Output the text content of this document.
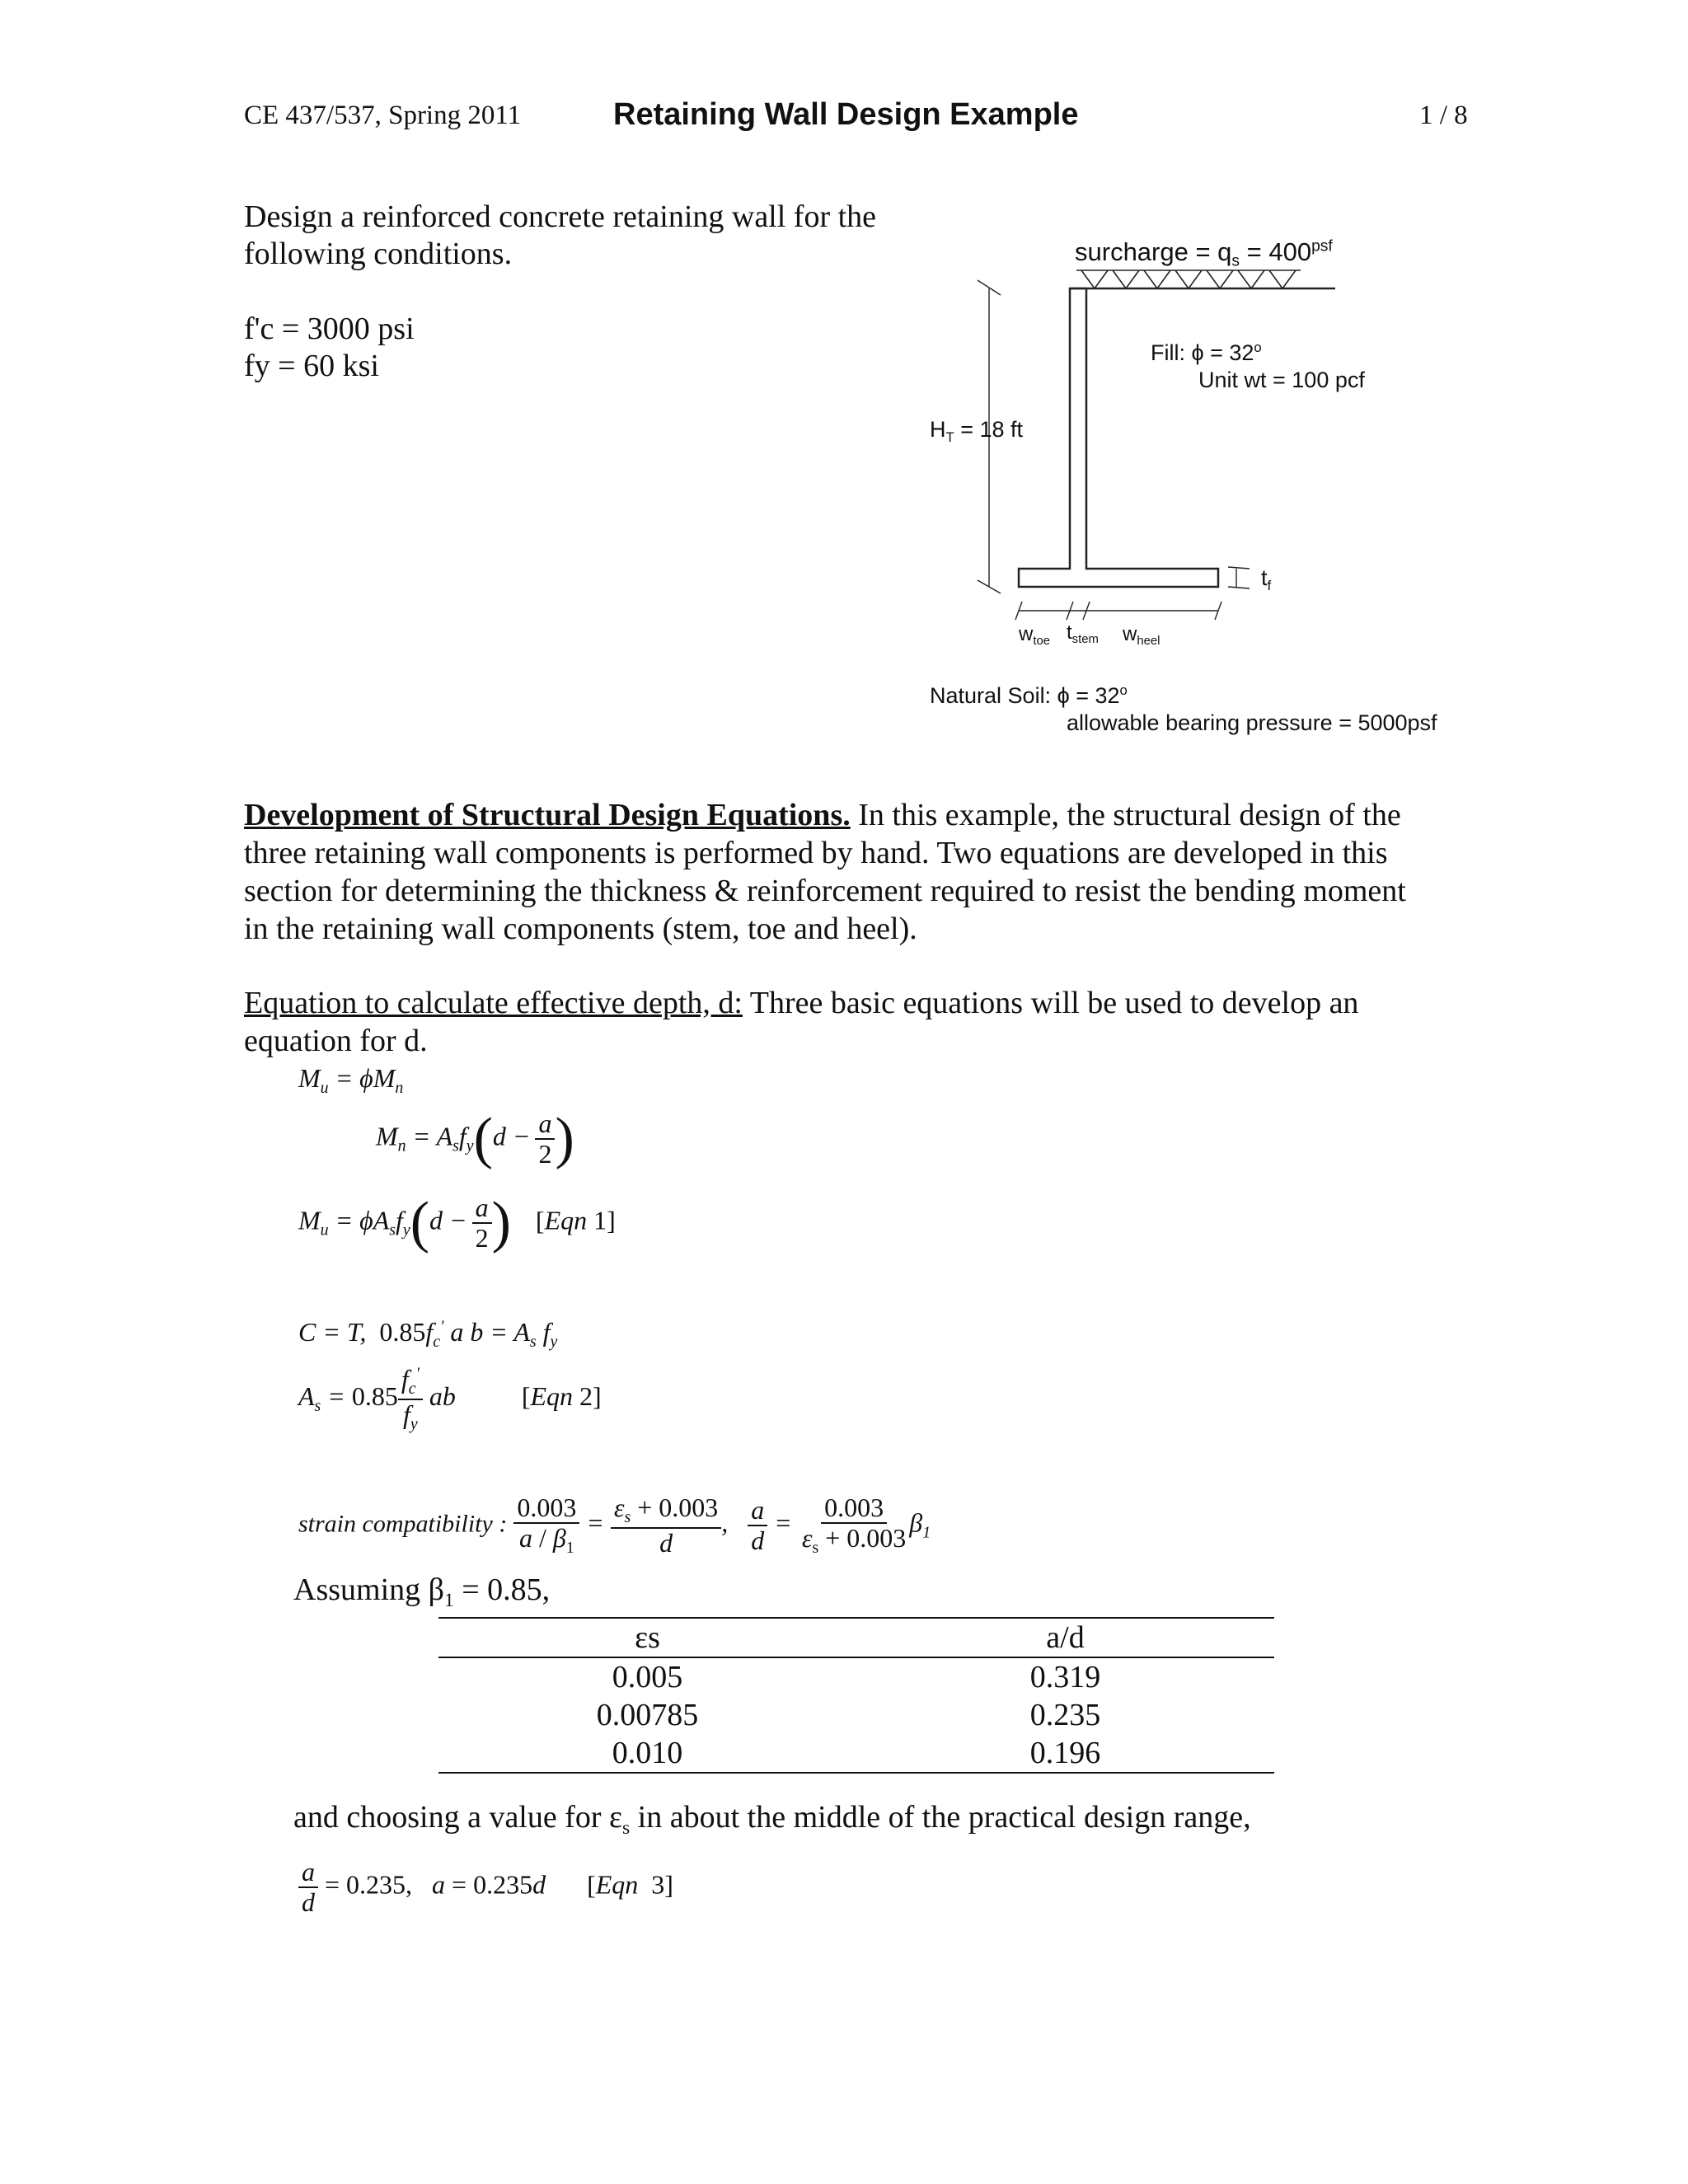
CE 437/537, Spring 2011	Retaining Wall Design Example	1 / 8
Design a reinforced concrete retaining wall for the
following conditions.
f'c = 3000 psi
fy = 60 ksi
surcharge = $q_s = 400^{psf}$
Fill: $\phi = 32^o$
Unit wt = 100 pcf
$H_T = 18$ ft
$t_f$
$w_{toe}$ $t_{stem}$ $w_{heel}$
Natural Soil: $\phi = 32^o$
allowable bearing pressure = 5000psf
Development of Structural Design Equations. In this example, the structural design of the
three retaining wall components is performed by hand. Two equations are developed in this
section for determining the thickness & reinforcement required to resist the bending moment
in the retaining wall components (stem, toe and heel).
Equation to calculate effective depth, d: Three basic equations will be used to develop an
equation for d.
$M_u = \phi M_n$
$M_n = A_sf_y(d - \frac{a}{2}$ )
$M_u = \phi A_sf_y(d - \frac{a}{2}$ ) [Eqn 1]
C = T,  $0.85f_c'$ a $b = A_s$ $f_y$
$A_s = 0.85 \frac{f_c'}{f_y}$ ab	[Eqn 2]
strain compatibility : $\frac{0.003}{a / \beta_1} = \frac{\varepsilon_s + 0.003}{d}$ , $\frac{a}{d} = \frac{0.003}{\varepsilon_s + 0.003} \beta_1$
Assuming $\beta_1 = 0.85$,
εs	a/d
0.005	0.319
0.00785	0.235
0.010	0.196
and choosing a value for $\varepsilon_s$ in about the middle of the practical design range,
$\frac{a}{d} = 0.235$,   a = 0.235d [Eqn  3]
